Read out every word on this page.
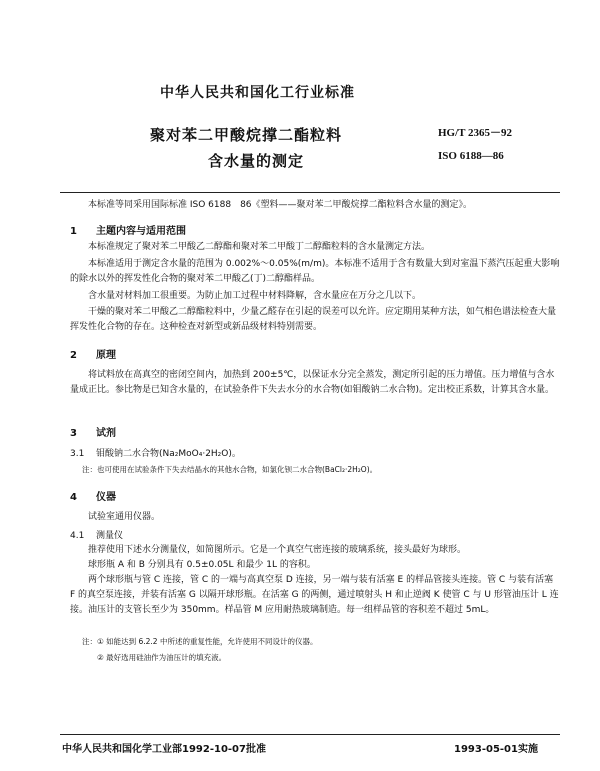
中华人民共和国化工行业标准
聚对苯二甲酸烷撑二酯粒料
含水量的测定
HG/T 2365－92
ISO 6188—86
本标准等同采用国际标准 ISO 6188　86《塑料——聚对苯二甲酸烷撑二酯粒料含水量的测定》。
1 主题内容与适用范围
本标准规定了聚对苯二甲酸乙二醇酯和聚对苯二甲酸丁二醇酯粒料的含水量测定方法。
本标准适用于测定含水量的范围为 0.002%～0.05%(m/m)。本标准不适用于含有数量大到对室温下蒸汽压起重大影响的除水以外的挥发性化合物的聚对苯二甲酸乙(丁)二醇酯样品。
含水量对材料加工很重要。为防止加工过程中材料降解，含水量应在万分之几以下。
干燥的聚对苯二甲酸乙二醇酯粒料中，少量乙醛存在引起的误差可以允许。应定期用某种方法，如气相色谱法检查大量挥发性化合物的存在。这种检查对新型或新品级材料特别需要。
2 原理
将试料放在高真空的密闭空间内，加热到 200±5℃，以保证水分完全蒸发，测定所引起的压力增值。压力增值与含水量成正比。参比物是已知含水量的，在试验条件下失去水分的水合物(如钼酸钠二水合物)。定出校正系数，计算其含水量。
3 试剂
3.1 钼酸钠二水合物(Na₂MoO₄·2H₂O)。
注：也可使用在试验条件下失去结晶水的其他水合物，如氯化钡二水合物(BaCl₂·2H₂O)。
4 仪器
试验室通用仪器。
4.1 测量仪
推荐使用下述水分测量仪，如简图所示。它是一个真空气密连接的玻璃系统，接头最好为球形。
球形瓶 A 和 B 分别具有 0.5±0.05L 和最少 1L 的容积。
两个球形瓶与管 C 连接，管 C 的一端与高真空泵 D 连接，另一端与装有活塞 E 的样品管接头连接。管 C 与装有活塞 F 的真空泵连接，并装有活塞 G 以隔开球形瓶。在活塞 G 的两侧，通过喷射头 H 和止逆阀 K 使管 C 与 U 形管油压计 L 连接。油压计的支管长至少为 350mm。样品管 M 应用耐热玻璃制造。每一组样品管的容积差不超过 5mL。
注：① 如能达到 6.2.2 中所述的重复性能，允许使用不同设计的仪器。
② 最好选用硅油作为油压计的填充液。
中华人民共和国化学工业部1992-10-07批准	1993-05-01实施
